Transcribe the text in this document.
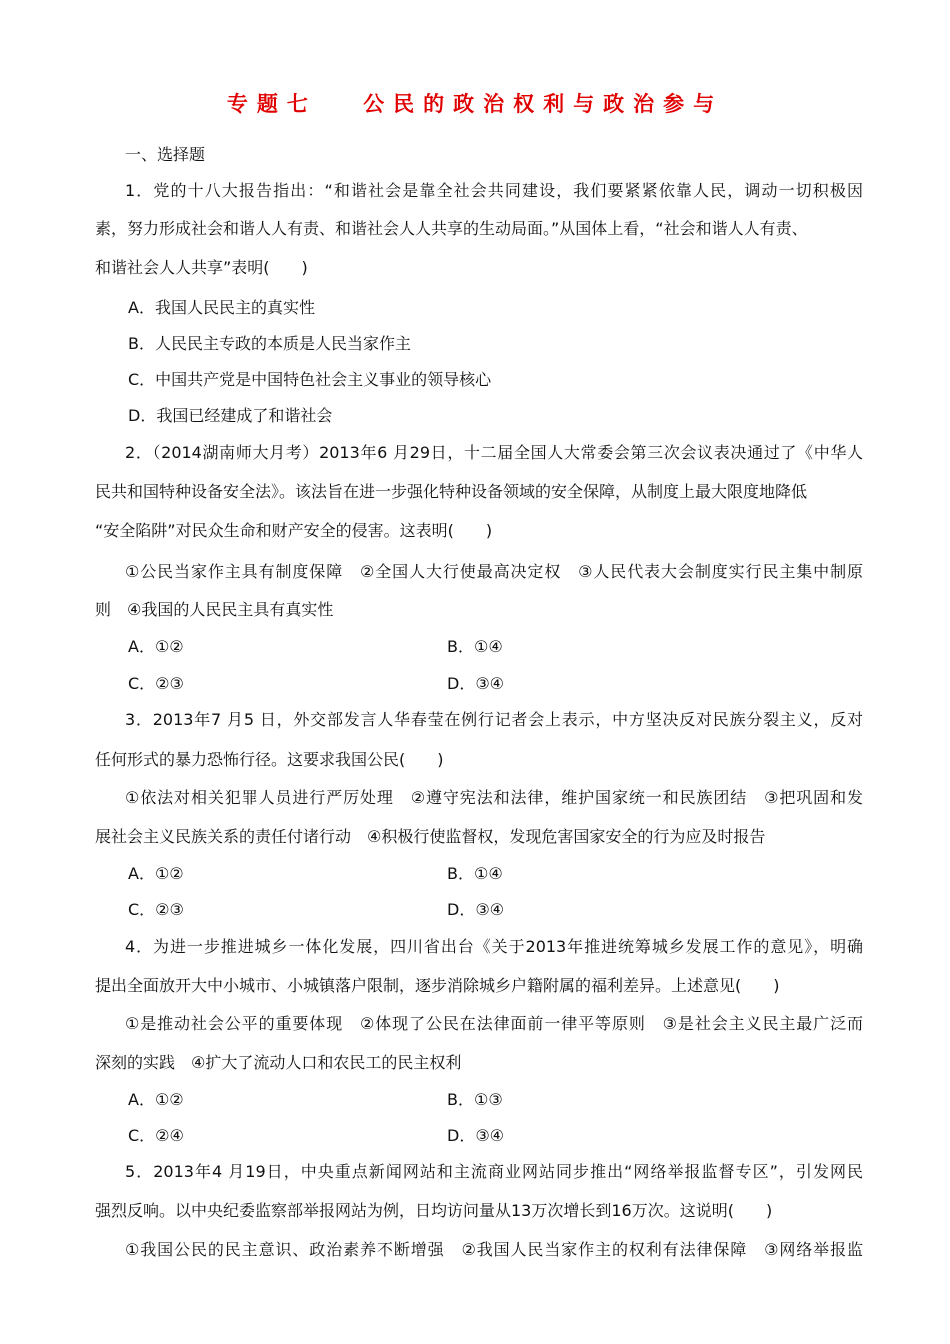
专题七　 公民的政治权利与政治参与
一、选择题
1．党的十八大报告指出：“和谐社会是靠全社会共同建设，我们要紧紧依靠人民，调动一切积极因
素，努力形成社会和谐人人有责、和谐社会人人共享的生动局面。”从国体上看，“社会和谐人人有责、
和谐社会人人共享”表明(　　)
A．我国人民民主的真实性
B．人民民主专政的本质是人民当家作主
C．中国共产党是中国特色社会主义事业的领导核心
D．我国已经建成了和谐社会
2．（2014湖南师大月考）2013年6 月29日，十二届全国人大常委会第三次会议表决通过了《中华人
民共和国特种设备安全法》。该法旨在进一步强化特种设备领域的安全保障，从制度上最大限度地降低
“安全陷阱”对民众生命和财产安全的侵害。这表明(　　)
①公民当家作主具有制度保障　②全国人大行使最高决定权　③人民代表大会制度实行民主集中制原
则　④我国的人民民主具有真实性
A．①②	B．①④
C．②③	D．③④
3．2013年7 月5 日，外交部发言人华春莹在例行记者会上表示，中方坚决反对民族分裂主义，反对
任何形式的暴力恐怖行径。这要求我国公民(　　)
①依法对相关犯罪人员进行严厉处理　②遵守宪法和法律，维护国家统一和民族团结　③把巩固和发
展社会主义民族关系的责任付诸行动　④积极行使监督权，发现危害国家安全的行为应及时报告
A．①②	B．①④
C．②③	D．③④
4．为进一步推进城乡一体化发展，四川省出台《关于2013年推进统筹城乡发展工作的意见》，明确
提出全面放开大中小城市、小城镇落户限制，逐步消除城乡户籍附属的福利差异。上述意见(　　)
①是推动社会公平的重要体现　②体现了公民在法律面前一律平等原则　③是社会主义民主最广泛而
深刻的实践　④扩大了流动人口和农民工的民主权利
A．①②	B．①③
C．②④	D．③④
5．2013年4 月19日，中央重点新闻网站和主流商业网站同步推出“网络举报监督专区”，引发网民
强烈反响。以中央纪委监察部举报网站为例，日均访问量从13万次增长到16万次。这说明(　　)
①我国公民的民主意识、政治素养不断增强　②我国人民当家作主的权利有法律保障　③网络举报监
